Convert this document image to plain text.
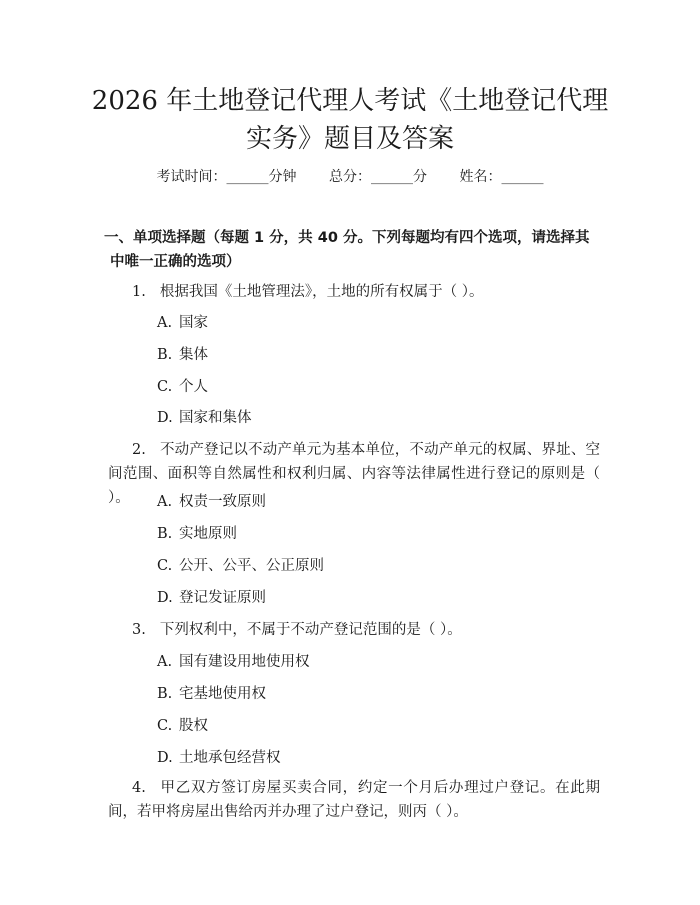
2026 年土地登记代理人考试《土地登记代理
实务》题目及答案
考试时间：______分钟 总分：______分 姓名：______

一、单项选择题（每题 1 分，共 40 分。下列每题均有四个选项，请选择其中唯一正确的选项）

1. 根据我国《土地管理法》，土地的所有权属于（ ）。

A. 国家

B. 集体

C. 个人

D. 国家和集体

2. 不动产登记以不动产单元为基本单位，不动产单元的权属、界址、空间范围、面积等自然属性和权利归属、内容等法律属性进行登记的原则是（ ）。	A. 权责一致原则

B. 实地原则

C. 公开、公平、公正原则

D. 登记发证原则

3. 下列权利中，不属于不动产登记范围的是（ ）。

A. 国有建设用地使用权

B. 宅基地使用权

C. 股权

D. 土地承包经营权

4. 甲乙双方签订房屋买卖合同，约定一个月后办理过户登记。在此期间，若甲将房屋出售给丙并办理了过户登记，则丙（ ）。
